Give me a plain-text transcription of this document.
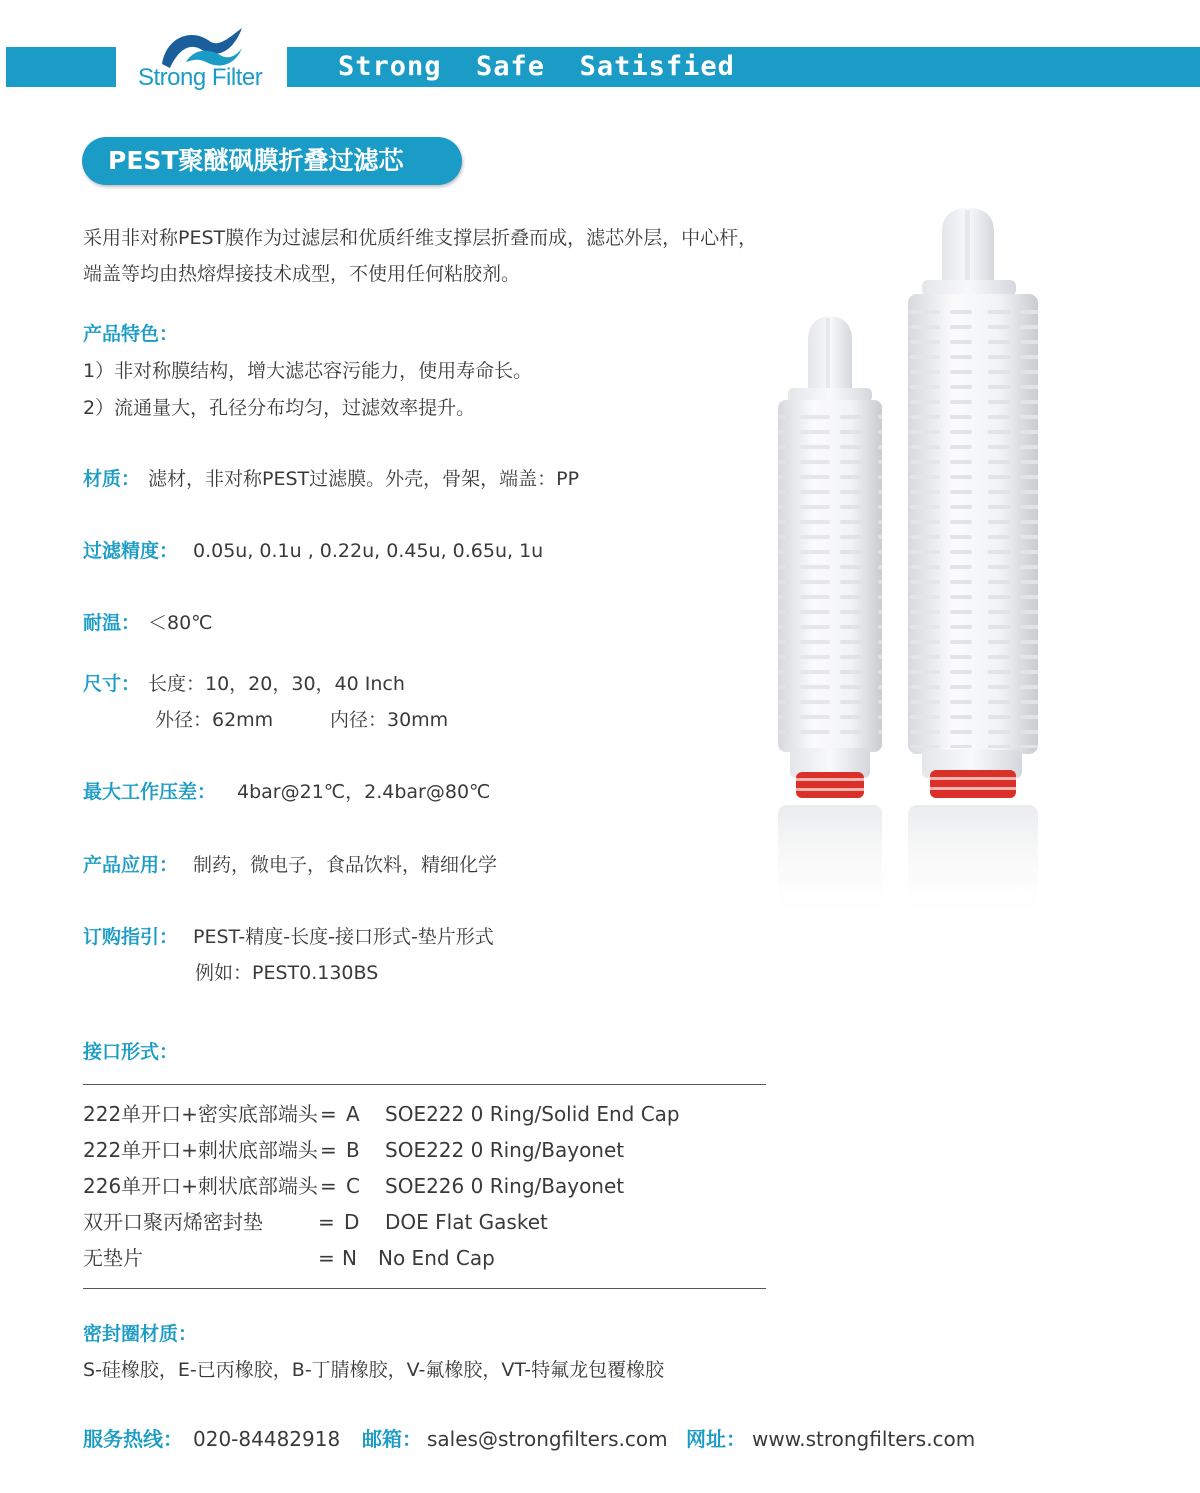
Strong  Safe  Satisfied
Strong Filter
PEST聚醚砜膜折叠过滤芯
采用非对称PEST膜作为过滤层和优质纤维支撑层折叠而成，滤芯外层，中心杆，
端盖等均由热熔焊接技术成型，不使用任何粘胶剂。
产品特色：
1）非对称膜结构，增大滤芯容污能力，使用寿命长。
2）流通量大，孔径分布均匀，过滤效率提升。
材质： 滤材，非对称PEST过滤膜。外壳，骨架，端盖：PP
过滤精度： 0.05u, 0.1u , 0.22u, 0.45u, 0.65u, 1u
耐温： ＜80℃
尺寸： 长度：10，20，30，40 Inch
外径：62mm	内径：30mm
最大工作压差： 4bar@21℃，2.4bar@80℃
产品应用： 制药，微电子，食品饮料，精细化学
订购指引： PEST-精度-长度-接口形式-垫片形式
例如：PEST0.130BS
接口形式：
222单开口+密实底部端头 = A SOE222 0 Ring/Solid End Cap
222单开口+刺状底部端头 = B SOE222 0 Ring/Bayonet
226单开口+刺状底部端头 = C SOE226 0 Ring/Bayonet
双开口聚丙烯密封垫	= D DOE Flat Gasket
无垫片	= N No End Cap
密封圈材质：
S-硅橡胶，E-已丙橡胶，B-丁腈橡胶，V-氟橡胶，VT-特氟龙包覆橡胶
服务热线： 020-84482918 邮箱： sales@strongfilters.com 网址： www.strongfilters.com
